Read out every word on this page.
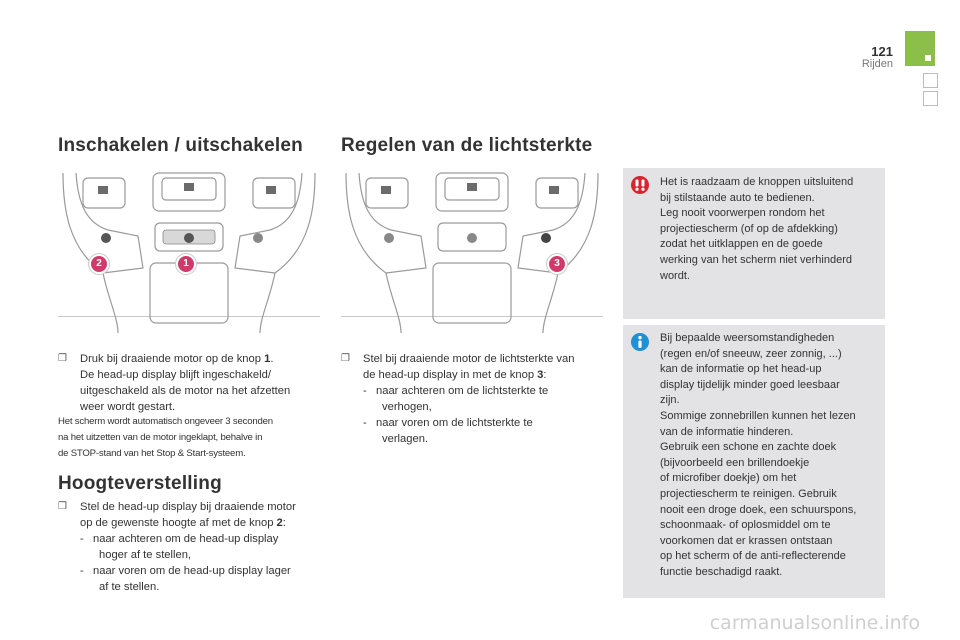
121
Rijden
Inschakelen / uitschakelen
2	1
❐ Druk bij draaiende motor op de knop 1.
De head-up display blijft ingeschakeld/
uitgeschakeld als de motor na het afzetten
weer wordt gestart.
Het scherm wordt automatisch ongeveer 3 seconden
na het uitzetten van de motor ingeklapt, behalve in
de STOP-stand van het Stop & Start-systeem.
Hoogteverstelling
❐ Stel de head-up display bij draaiende motor
op de gewenste hoogte af met de knop 2:
- naar achteren om de head-up display
hoger af te stellen,
- naar voren om de head-up display lager
af te stellen.
Regelen van de lichtsterkte
3
❐ Stel bij draaiende motor de lichtsterkte van
de head-up display in met de knop 3:
- naar achteren om de lichtsterkte te
verhogen,
- naar voren om de lichtsterkte te
verlagen.
Het is raadzaam de knoppen uitsluitend
bij stilstaande auto te bedienen.
Leg nooit voorwerpen rondom het
projectiescherm (of op de afdekking)
zodat het uitklappen en de goede
werking van het scherm niet verhinderd
wordt.
Bij bepaalde weersomstandigheden
(regen en/of sneeuw, zeer zonnig, ...)
kan de informatie op het head-up
display tijdelijk minder goed leesbaar
zijn.
Sommige zonnebrillen kunnen het lezen
van de informatie hinderen.
Gebruik een schone en zachte doek
(bijvoorbeeld een brillendoekje
of microfiber doekje) om het
projectiescherm te reinigen. Gebruik
nooit een droge doek, een schuurspons,
schoonmaak- of oplosmiddel om te
voorkomen dat er krassen ontstaan
op het scherm of de anti-reflecterende
functie beschadigd raakt.
carmanualsonline.info
